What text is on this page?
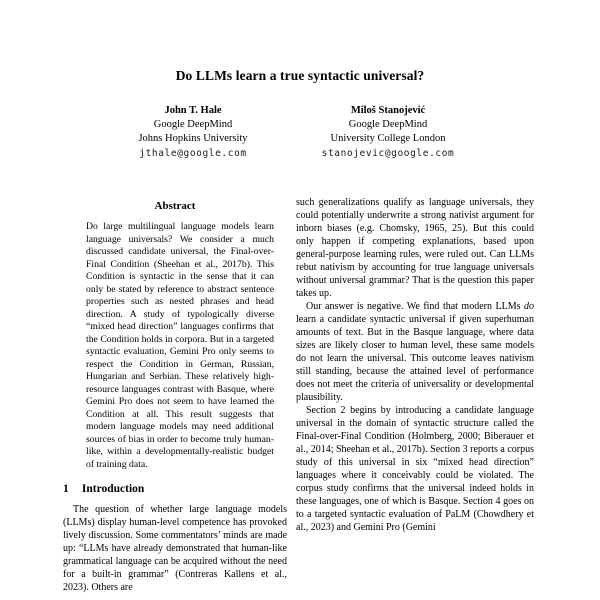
Do LLMs learn a true syntactic universal?
John T. Hale
Google DeepMind
Johns Hopkins University
jthale@google.com
Miloš Stanojević
Google DeepMind
University College London
stanojevic@google.com
Abstract

Do large multilingual language models learn language universals? We consider a much discussed candidate universal, the Final-over-Final Condition (Sheehan et al., 2017b). This Condition is syntactic in the sense that it can only be stated by reference to abstract sentence properties such as nested phrases and head direction. A study of typologically diverse “mixed head direction” languages confirms that the Condition holds in corpora. But in a targeted syntactic evaluation, Gemini Pro only seems to respect the Condition in German, Russian, Hungarian and Serbian. These relatively high-resource languages contrast with Basque, where Gemini Pro does not seem to have learned the Condition at all. This result suggests that modern language models may need additional sources of bias in order to become truly human-like, within a developmentally-realistic budget of training data.

1 Introduction

The question of whether large language models (LLMs) display human-level competence has provoked lively discussion. Some commentators’ minds are made up: “LLMs have already demonstrated that human-like grammatical language can be acquired without the need for a built-in grammar” (Contreras Kallens et al., 2023). Others are

such generalizations qualify as language universals, they could potentially underwrite a strong nativist argument for inborn biases (e.g. Chomsky, 1965, 25). But this could only happen if competing explanations, based upon general-purpose learning rules, were ruled out. Can LLMs rebut nativism by accounting for true language universals without universal grammar? That is the question this paper takes up.

Our answer is negative. We find that modern LLMs do learn a candidate syntactic universal if given superhuman amounts of text. But in the Basque language, where data sizes are likely closer to human level, these same models do not learn the universal. This outcome leaves nativism still standing, because the attained level of performance does not meet the criteria of universality or developmental plausibility.

Section 2 begins by introducing a candidate language universal in the domain of syntactic structure called the Final-over-Final Condition (Holmberg, 2000; Biberauer et al., 2014; Sheehan et al., 2017b). Section 3 reports a corpus study of this universal in six “mixed head direction” languages where it conceivably could be violated. The corpus study confirms that the universal indeed holds in these languages, one of which is Basque. Section 4 goes on to a targeted syntactic evaluation of PaLM (Chowdhery et al., 2023) and Gemini Pro (Gemini
